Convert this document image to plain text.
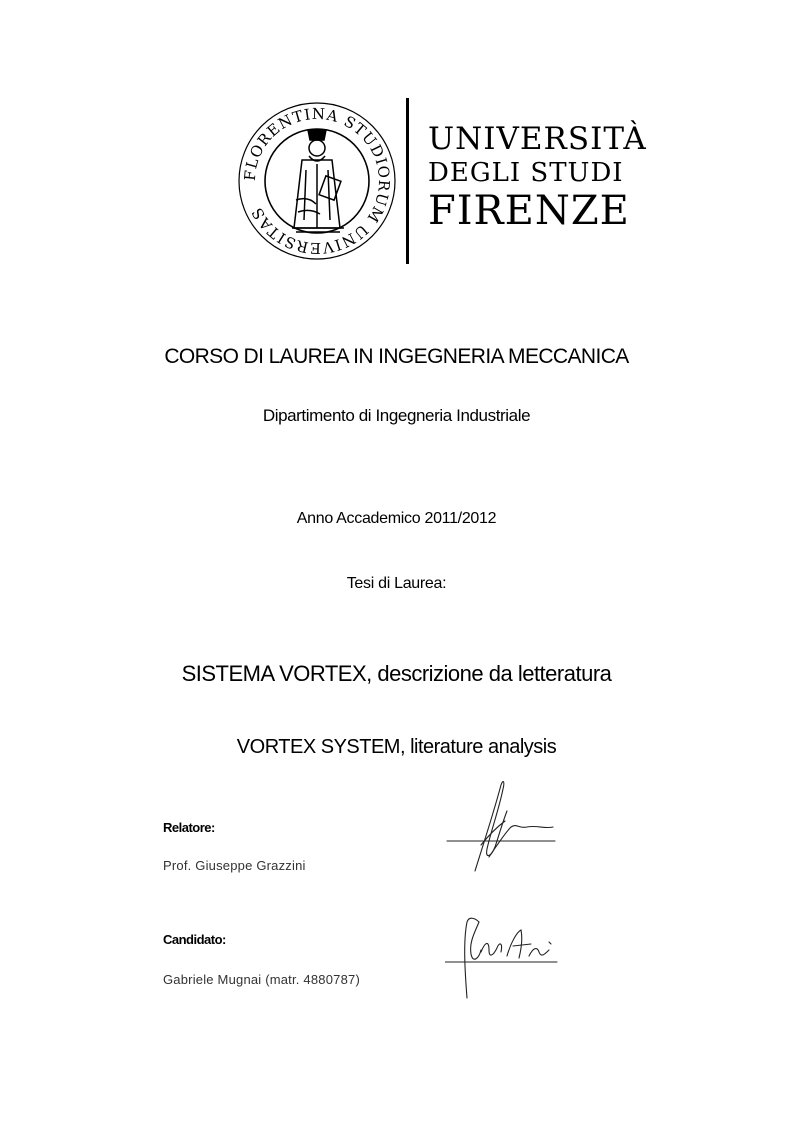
FLORENTINA STUDIORUM UNIVERSITAS
UNIVERSITÀ
DEGLI STUDI
FIRENZE
CORSO DI LAUREA IN INGEGNERIA MECCANICA
Dipartimento di Ingegneria Industriale
Anno Accademico 2011/2012
Tesi di Laurea:
SISTEMA VORTEX, descrizione da letteratura
VORTEX SYSTEM, literature analysis
Relatore:
Prof. Giuseppe Grazzini
Candidato:
Gabriele Mugnai (matr. 4880787)
